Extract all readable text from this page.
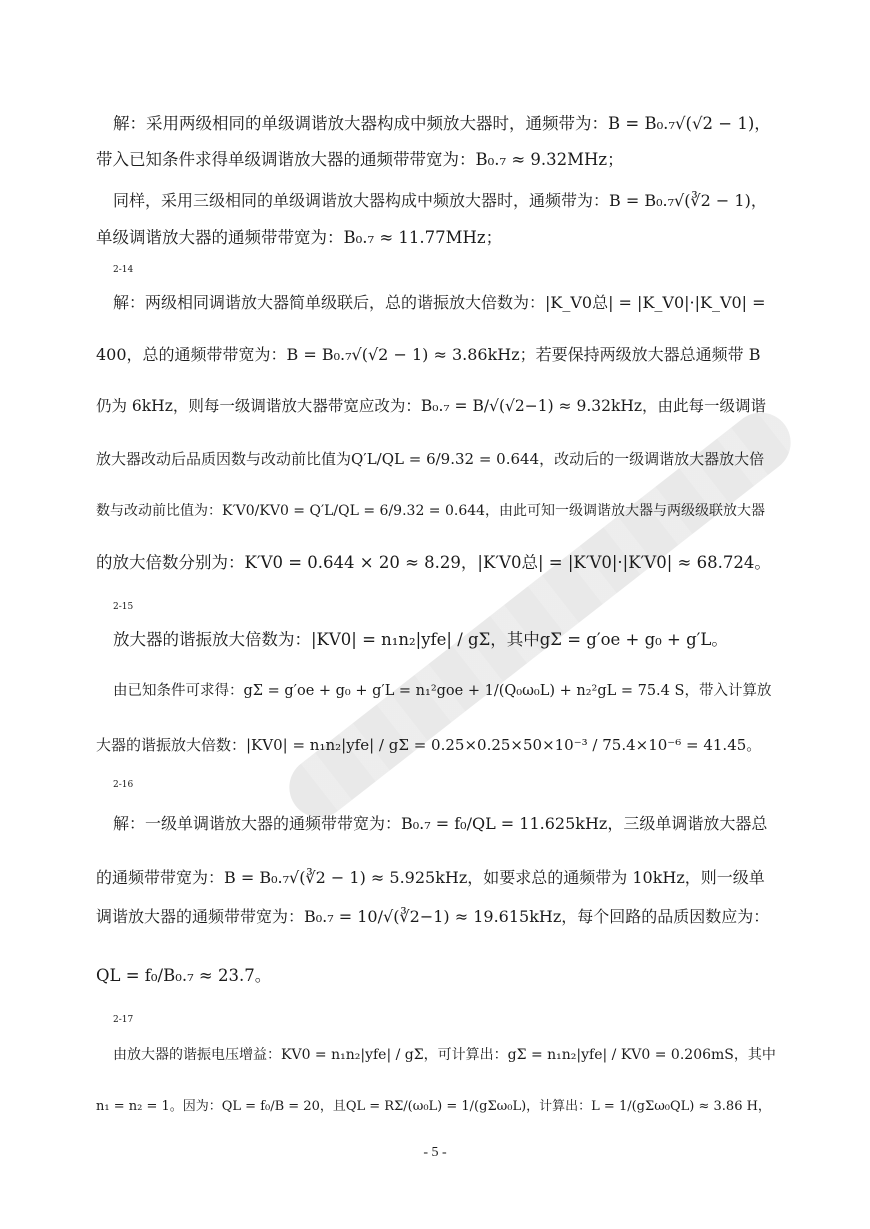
解：采用两级相同的单级调谐放大器构成中频放大器时，通频带为：B = B₀.₇√(√2 − 1)，
带入已知条件求得单级调谐放大器的通频带带宽为：B₀.₇ ≈ 9.32MHz；
同样，采用三级相同的单级调谐放大器构成中频放大器时，通频带为：B = B₀.₇√(∛2 − 1)，
单级调谐放大器的通频带带宽为：B₀.₇ ≈ 11.77MHz；
2-14
解：两级相同调谐放大器简单级联后，总的谐振放大倍数为：|K_V0总| = |K_V0|·|K_V0| =
400，总的通频带带宽为：B = B₀.₇√(√2 − 1) ≈ 3.86kHz；若要保持两级放大器总通频带 B
仍为 6kHz，则每一级调谐放大器带宽应改为：B₀.₇ = B/√(√2−1) ≈ 9.32kHz，由此每一级调谐
放大器改动后品质因数与改动前比值为Q′L/QL = 6/9.32 = 0.644，改动后的一级调谐放大器放大倍
数与改动前比值为：K′V0/KV0 = Q′L/QL = 6/9.32 = 0.644，由此可知一级调谐放大器与两级级联放大器
的放大倍数分别为：K′V0 = 0.644 × 20 ≈ 8.29，|K′V0总| = |K′V0|·|K′V0| ≈ 68.724。
2-15
放大器的谐振放大倍数为：|KV0| = n₁n₂|yfe| / gΣ，其中gΣ = g′oe + g₀ + g′L。
由已知条件可求得：gΣ = g′oe + g₀ + g′L = n₁²goe + 1/(Q₀ω₀L) + n₂²gL = 75.4 S，带入计算放
大器的谐振放大倍数：|KV0| = n₁n₂|yfe| / gΣ = 0.25×0.25×50×10⁻³ / 75.4×10⁻⁶ = 41.45。
2-16
解：一级单调谐放大器的通频带带宽为：B₀.₇ = f₀/QL = 11.625kHz，三级单调谐放大器总
的通频带带宽为：B = B₀.₇√(∛2 − 1) ≈ 5.925kHz，如要求总的通频带为 10kHz，则一级单
调谐放大器的通频带带宽为：B₀.₇ = 10/√(∛2−1) ≈ 19.615kHz，每个回路的品质因数应为：
QL = f₀/B₀.₇ ≈ 23.7。
2-17
由放大器的谐振电压增益：KV0 = n₁n₂|yfe| / gΣ，可计算出：gΣ = n₁n₂|yfe| / KV0 = 0.206mS，其中
n₁ = n₂ = 1。因为：QL = f₀/B = 20，且QL = RΣ/(ω₀L) = 1/(gΣω₀L)，计算出：L = 1/(gΣω₀QL) ≈ 3.86 H，
- 5 -
